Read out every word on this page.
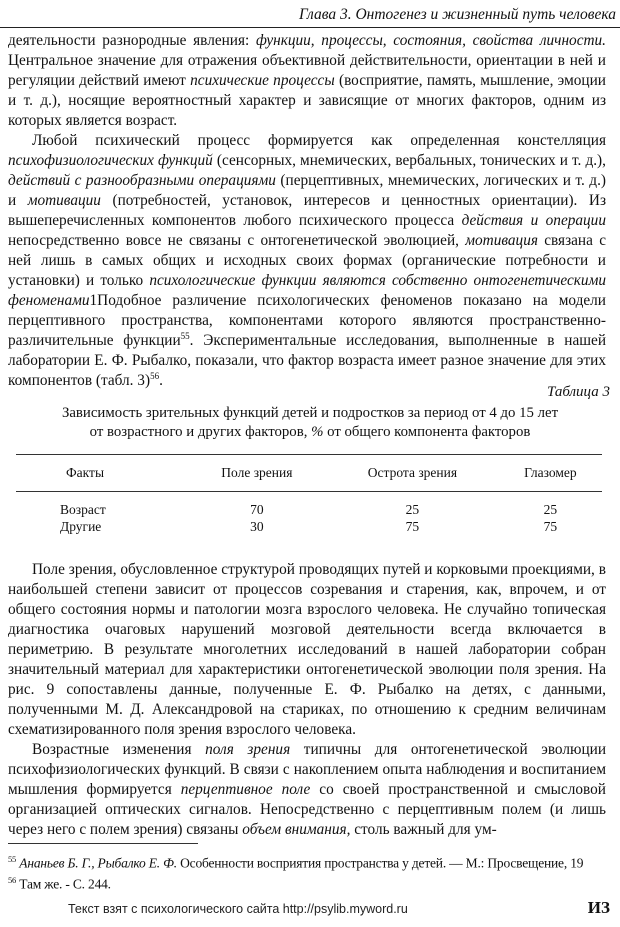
Глава 3. Онтогенез и жизненный путь человека

деятельности разнородные явления: функции, процессы, состояния, свойства личности. Центральное значение для отражения объективной действительности, ориентации в ней и регуляции действий имеют психические процессы (восприятие, память, мышление, эмоции и т. д.), носящие вероятностный характер и зависящие от многих факторов, одним из которых является возраст.

Любой психический процесс формируется как определенная констелляция психофизиологических функций (сенсорных, мнемических, вербальных, тонических и т. д.), действий с разнообразными операциями (перцептивных, мнемических, логических и т. д.) и мотивации (потребностей, установок, интересов и ценностных ориентации). Из вышеперечисленных компонентов любого психического процесса действия и операции непосредственно вовсе не связаны с онтогенетической эволюцией, мотивация связана с ней лишь в самых общих и исходных своих формах (органические потребности и установки) и только психологические функции являются собственно онтогенетическими феноменами1Подобное различение психологических феноменов показано на модели перцептивного пространства, компонентами которого являются пространственно-различительные функции$^{55}$. Экспериментальные исследования, выполненные в нашей лаборатории Е. Ф. Рыбалко, показали, что фактор возраста имеет разное значение для этих компонентов (табл. 3)$^{56}$.

Таблица 3
Зависимость зрительных функций детей и подростков за период от 4 до 15 лет
от возрастного и других факторов, % от общего компонента факторов
Факты	Поле зрения	Острота зрения	Глазомер
Возраст	70	25	25
Другие	30	75	75

Поле зрения, обусловленное структурой проводящих путей и корковыми проекциями, в наибольшей степени зависит от процессов созревания и старения, как, впрочем, и от общего состояния нормы и патологии мозга взрослого человека. Не случайно топическая диагностика очаговых нарушений мозговой деятельности всегда включается в периметрию. В результате многолетних исследований в нашей лаборатории собран значительный материал для характеристики онтогенетической эволюции поля зрения. На рис. 9 сопоставлены данные, полученные Е. Ф. Рыбалко на детях, с данными, полученными М. Д. Александровой на стариках, по отношению к средним величинам схематизированного поля зрения взрослого человека.

Возрастные изменения поля зрения типичны для онтогенетической эволюции психофизиологических функций. В связи с накоплением опыта наблюдения и воспитанием мышления формируется перцептивное поле со своей пространственной и смысловой организацией оптических сигналов. Непосредственно с перцептивным полем (и лишь через него с полем зрения) связаны объем внимания, столь важный для ум-

$^{55}$ Ананьев Б. Г., Рыбалко Е. Ф. Особенности восприятия пространства у детей. — М.: Просвещение, 19
$^{56}$ Там же. - С. 244.
Текст взят с психологического сайта http://psylib.myword.ru	ИЗ
